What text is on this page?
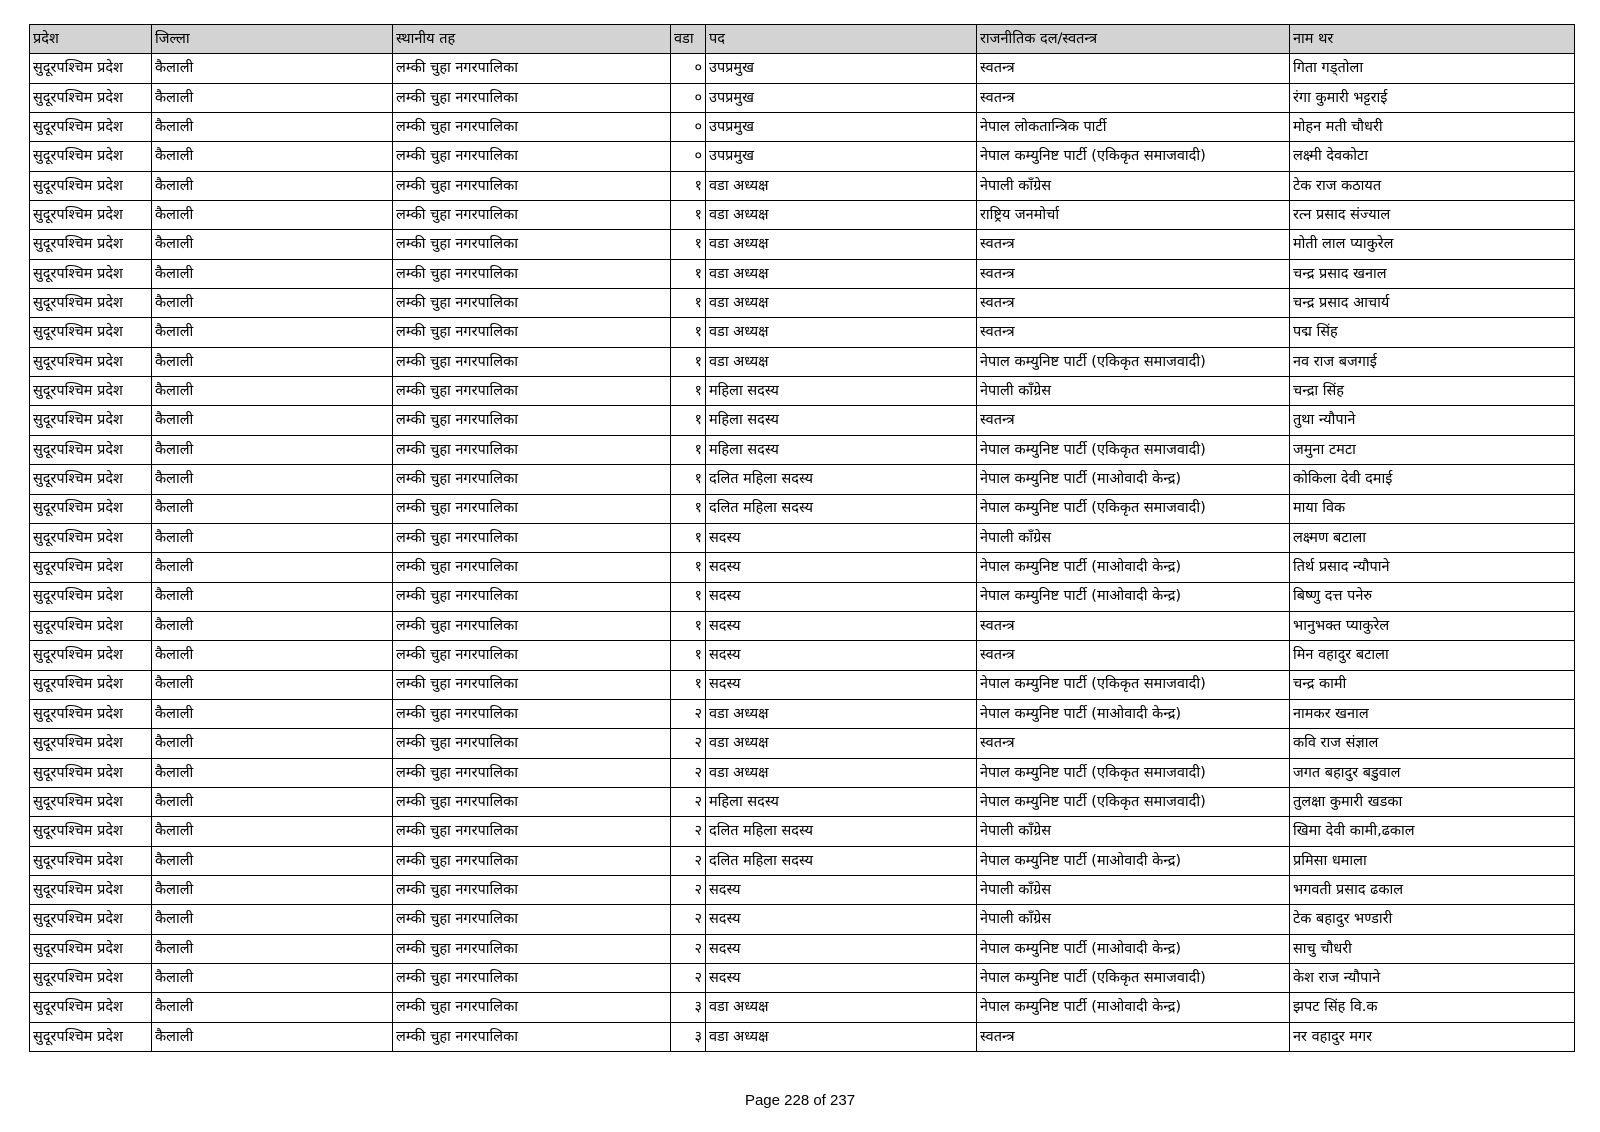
प्रदेश	जिल्ला	स्थानीय तह	वडा	पद	राजनीतिक दल/स्वतन्त्र	नाम थर
सुदूरपश्चिम प्रदेश	कैलाली	लम्की चुहा नगरपालिका	०	उपप्रमुख	स्वतन्त्र	गिता गड्तोला
सुदूरपश्चिम प्रदेश	कैलाली	लम्की चुहा नगरपालिका	०	उपप्रमुख	स्वतन्त्र	रंगा कुमारी भट्टराई
सुदूरपश्चिम प्रदेश	कैलाली	लम्की चुहा नगरपालिका	०	उपप्रमुख	नेपाल लोकतान्त्रिक पार्टी	मोहन मती चौधरी
सुदूरपश्चिम प्रदेश	कैलाली	लम्की चुहा नगरपालिका	०	उपप्रमुख	नेपाल कम्युनिष्ट पार्टी (एकिकृत समाजवादी)	लक्ष्मी देवकोटा
सुदूरपश्चिम प्रदेश	कैलाली	लम्की चुहा नगरपालिका	१	वडा अध्यक्ष	नेपाली काँग्रेस	टेक राज कठायत
सुदूरपश्चिम प्रदेश	कैलाली	लम्की चुहा नगरपालिका	१	वडा अध्यक्ष	राष्ट्रिय जनमोर्चा	रत्न प्रसाद संज्याल
सुदूरपश्चिम प्रदेश	कैलाली	लम्की चुहा नगरपालिका	१	वडा अध्यक्ष	स्वतन्त्र	मोती लाल प्याकुरेल
सुदूरपश्चिम प्रदेश	कैलाली	लम्की चुहा नगरपालिका	१	वडा अध्यक्ष	स्वतन्त्र	चन्द्र प्रसाद खनाल
सुदूरपश्चिम प्रदेश	कैलाली	लम्की चुहा नगरपालिका	१	वडा अध्यक्ष	स्वतन्त्र	चन्द्र प्रसाद आचार्य
सुदूरपश्चिम प्रदेश	कैलाली	लम्की चुहा नगरपालिका	१	वडा अध्यक्ष	स्वतन्त्र	पद्म सिंह
सुदूरपश्चिम प्रदेश	कैलाली	लम्की चुहा नगरपालिका	१	वडा अध्यक्ष	नेपाल कम्युनिष्ट पार्टी (एकिकृत समाजवादी)	नव राज बजगाई
सुदूरपश्चिम प्रदेश	कैलाली	लम्की चुहा नगरपालिका	१	महिला सदस्य	नेपाली काँग्रेस	चन्द्रा सिंह
सुदूरपश्चिम प्रदेश	कैलाली	लम्की चुहा नगरपालिका	१	महिला सदस्य	स्वतन्त्र	तुथा न्यौपाने
सुदूरपश्चिम प्रदेश	कैलाली	लम्की चुहा नगरपालिका	१	महिला सदस्य	नेपाल कम्युनिष्ट पार्टी (एकिकृत समाजवादी)	जमुना टमटा
सुदूरपश्चिम प्रदेश	कैलाली	लम्की चुहा नगरपालिका	१	दलित महिला सदस्य	नेपाल कम्युनिष्ट पार्टी (माओवादी केन्द्र)	कोकिला देवी दमाई
सुदूरपश्चिम प्रदेश	कैलाली	लम्की चुहा नगरपालिका	१	दलित महिला सदस्य	नेपाल कम्युनिष्ट पार्टी (एकिकृत समाजवादी)	माया विक
सुदूरपश्चिम प्रदेश	कैलाली	लम्की चुहा नगरपालिका	१	सदस्य	नेपाली काँग्रेस	लक्ष्मण बटाला
सुदूरपश्चिम प्रदेश	कैलाली	लम्की चुहा नगरपालिका	१	सदस्य	नेपाल कम्युनिष्ट पार्टी (माओवादी केन्द्र)	तिर्थ प्रसाद न्यौपाने
सुदूरपश्चिम प्रदेश	कैलाली	लम्की चुहा नगरपालिका	१	सदस्य	नेपाल कम्युनिष्ट पार्टी (माओवादी केन्द्र)	बिष्णु दत्त पनेरु
सुदूरपश्चिम प्रदेश	कैलाली	लम्की चुहा नगरपालिका	१	सदस्य	स्वतन्त्र	भानुभक्त प्याकुरेल
सुदूरपश्चिम प्रदेश	कैलाली	लम्की चुहा नगरपालिका	१	सदस्य	स्वतन्त्र	मिन वहादुर बटाला
सुदूरपश्चिम प्रदेश	कैलाली	लम्की चुहा नगरपालिका	१	सदस्य	नेपाल कम्युनिष्ट पार्टी (एकिकृत समाजवादी)	चन्द्र कामी
सुदूरपश्चिम प्रदेश	कैलाली	लम्की चुहा नगरपालिका	२	वडा अध्यक्ष	नेपाल कम्युनिष्ट पार्टी (माओवादी केन्द्र)	नामकर खनाल
सुदूरपश्चिम प्रदेश	कैलाली	लम्की चुहा नगरपालिका	२	वडा अध्यक्ष	स्वतन्त्र	कवि राज संज्ञाल
सुदूरपश्चिम प्रदेश	कैलाली	लम्की चुहा नगरपालिका	२	वडा अध्यक्ष	नेपाल कम्युनिष्ट पार्टी (एकिकृत समाजवादी)	जगत बहादुर बडुवाल
सुदूरपश्चिम प्रदेश	कैलाली	लम्की चुहा नगरपालिका	२	महिला सदस्य	नेपाल कम्युनिष्ट पार्टी (एकिकृत समाजवादी)	तुलक्षा कुमारी खडका
सुदूरपश्चिम प्रदेश	कैलाली	लम्की चुहा नगरपालिका	२	दलित महिला सदस्य	नेपाली काँग्रेस	खिमा देवी कामी,ढकाल
सुदूरपश्चिम प्रदेश	कैलाली	लम्की चुहा नगरपालिका	२	दलित महिला सदस्य	नेपाल कम्युनिष्ट पार्टी (माओवादी केन्द्र)	प्रमिसा धमाला
सुदूरपश्चिम प्रदेश	कैलाली	लम्की चुहा नगरपालिका	२	सदस्य	नेपाली काँग्रेस	भगवती प्रसाद ढकाल
सुदूरपश्चिम प्रदेश	कैलाली	लम्की चुहा नगरपालिका	२	सदस्य	नेपाली काँग्रेस	टेक बहादुर भण्डारी
सुदूरपश्चिम प्रदेश	कैलाली	लम्की चुहा नगरपालिका	२	सदस्य	नेपाल कम्युनिष्ट पार्टी (माओवादी केन्द्र)	साचु चौधरी
सुदूरपश्चिम प्रदेश	कैलाली	लम्की चुहा नगरपालिका	२	सदस्य	नेपाल कम्युनिष्ट पार्टी (एकिकृत समाजवादी)	केश राज न्यौपाने
सुदूरपश्चिम प्रदेश	कैलाली	लम्की चुहा नगरपालिका	३	वडा अध्यक्ष	नेपाल कम्युनिष्ट पार्टी (माओवादी केन्द्र)	झपट सिंह वि.क
सुदूरपश्चिम प्रदेश	कैलाली	लम्की चुहा नगरपालिका	३	वडा अध्यक्ष	स्वतन्त्र	नर वहादुर मगर
Page 228 of 237
